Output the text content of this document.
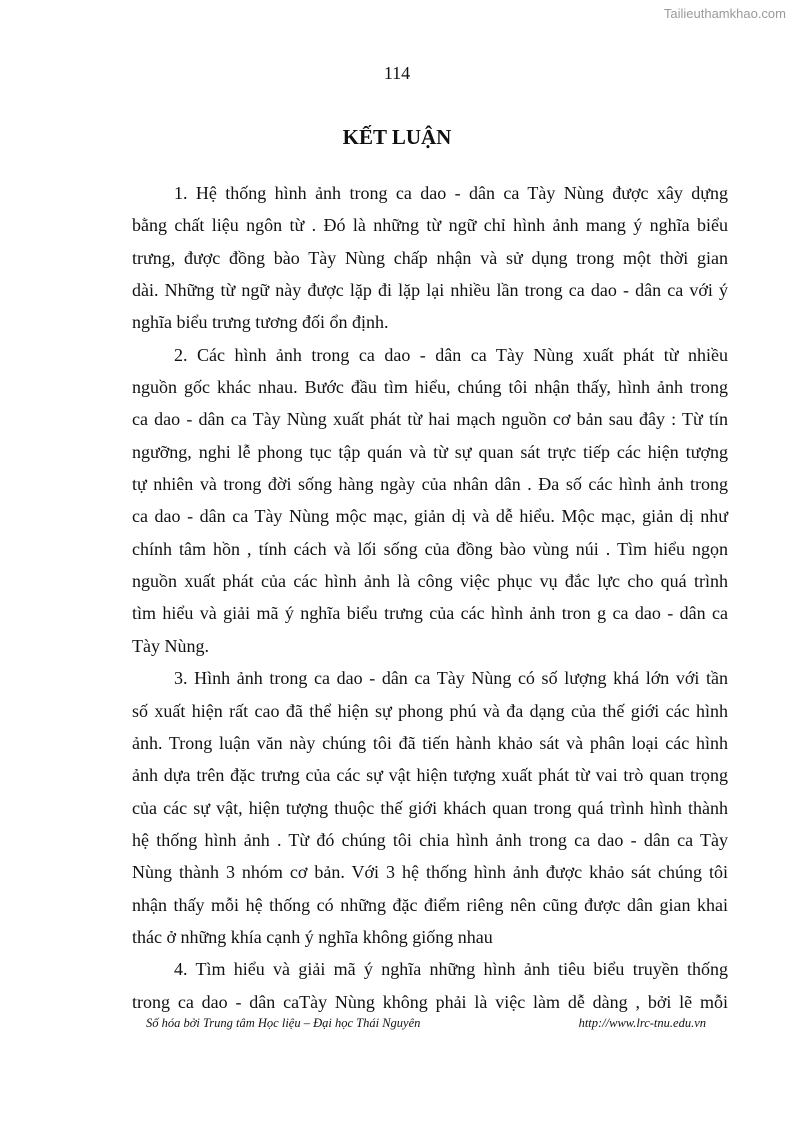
Tailieuthamkhao.com
114
KẾT LUẬN
1. Hệ thống hình ảnh trong ca dao - dân ca Tày Nùng được xây dựng
bằng chất liệu ngôn từ . Đó là những từ ngữ chỉ hình ảnh mang ý nghĩa biểu
trưng, được đồng bào Tày Nùng chấp nhận và sử dụng trong một thời gian
dài. Những từ ngữ này được lặp đi lặp lại nhiều lần trong ca dao - dân ca với ý
nghĩa biểu trưng tương đối ổn định.
2. Các hình ảnh trong ca dao - dân ca Tày Nùng xuất phát từ nhiều
nguồn gốc khác nhau. Bước đầu tìm hiểu, chúng tôi nhận thấy, hình ảnh trong
ca dao - dân ca Tày Nùng xuất phát từ hai mạch nguồn cơ bản sau đây : Từ tín
ngưỡng, nghi lễ phong tục tập quán và từ sự quan sát trực tiếp các hiện tượng
tự nhiên và trong đời sống hàng ngày của nhân dân . Đa số các hình ảnh trong
ca dao - dân ca Tày Nùng mộc mạc, giản dị và dễ hiểu. Mộc mạc, giản dị như
chính tâm hồn , tính cách và lối sống của đồng bào vùng núi . Tìm hiểu ngọn
nguồn xuất phát của các hình ảnh là công việc phục vụ đắc lực cho quá trình
tìm hiểu và giải mã ý nghĩa biểu trưng của các hình ảnh tron g ca dao - dân ca
Tày Nùng.
3. Hình ảnh trong ca dao - dân ca Tày Nùng có số lượng khá lớn với tần
số xuất hiện rất cao đã thể hiện sự phong phú và đa dạng của thế giới các hình
ảnh. Trong luận văn này chúng tôi đã tiến hành khảo sát và phân loại các hình
ảnh dựa trên đặc trưng của các sự vật hiện tượng xuất phát từ vai trò quan trọng
của các sự vật, hiện tượng thuộc thế giới khách quan trong quá trình hình thành
hệ thống hình ảnh . Từ đó chúng tôi chia hình ảnh trong ca dao - dân ca Tày
Nùng thành 3 nhóm cơ bản. Với 3 hệ thống hình ảnh được khảo sát chúng tôi
nhận thấy mỗi hệ thống có những đặc điểm riêng nên cũng được dân gian khai
thác ở những khía cạnh ý nghĩa không giống nhau
4. Tìm hiểu và giải mã ý nghĩa những hình ảnh tiêu biểu truyền thống
trong ca dao - dân caTày Nùng không phải là việc làm dễ dàng , bởi lẽ mỗi
Số hóa bởi Trung tâm Học liệu – Đại học Thái Nguyên	http://www.lrc-tnu.edu.vn
